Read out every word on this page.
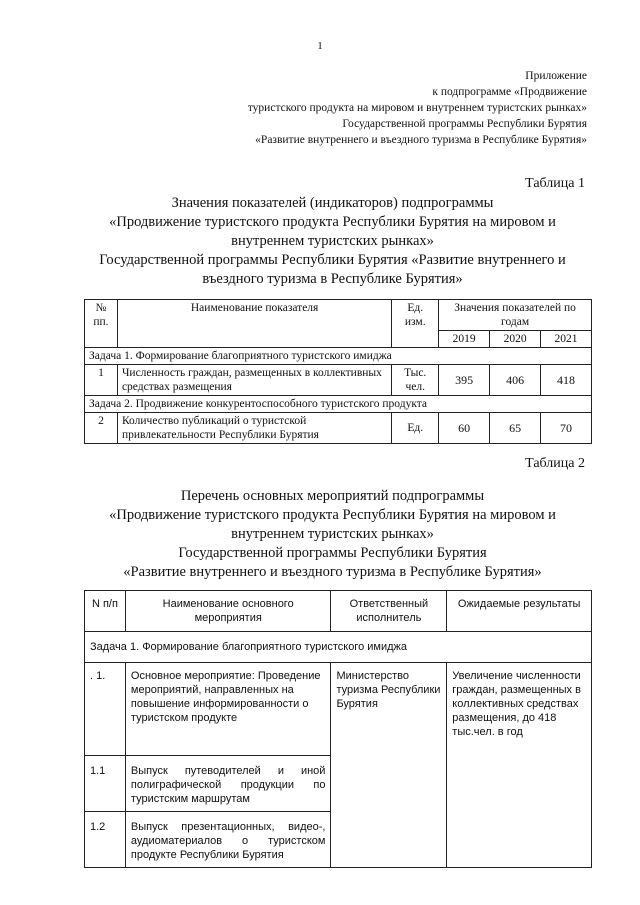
1
Приложение
к подпрограмме «Продвижение
туристского продукта на мировом и внутреннем туристских рынках»
Государственной программы Республики Бурятия
«Развитие внутреннего и въездного туризма в Республике Бурятия»
Таблица 1
Значения показателей (индикаторов) подпрограммы
«Продвижение туристского продукта Республики Бурятия на мировом и
внутреннем туристских рынках»
Государственной программы Республики Бурятия «Развитие внутреннего и
въездного туризма в Республике Бурятия»
№ пп.	Наименование показателя	Ед. изм.	Значения показателей по годам		
			2019	2020	2021
Задача 1. Формирование благоприятного туристского имиджа					
1	Численность граждан, размещенных в коллективных средствах размещения	Тыс. чел.	395	406	418
Задача 2. Продвижение конкурентоспособного туристского продукта					
2	Количество публикаций о туристской привлекательности Республики Бурятия	Ед.	60	65	70
Таблица 2
Перечень основных мероприятий подпрограммы
«Продвижение туристского продукта Республики Бурятия на мировом и
внутреннем туристских рынках»
Государственной программы Республики Бурятия
«Развитие внутреннего и въездного туризма в Республике Бурятия»
N п/п	Наименование основного мероприятия	Ответственный исполнитель	Ожидаемые результаты
Задача 1. Формирование благоприятного туристского имиджа			
. 1.	Основное мероприятие: Проведение мероприятий, направленных на повышение информированности о туристском продукте	Министерство туризма Республики Бурятия	Увеличение численности граждан, размещенных в коллективных средствах размещения, до 418 тыс.чел. в год
1.1	Выпуск путеводителей и иной полиграфической продукции по туристским маршрутам		
1.2	Выпуск презентационных, видео-, аудиоматериалов о туристском продукте Республики Бурятия		
